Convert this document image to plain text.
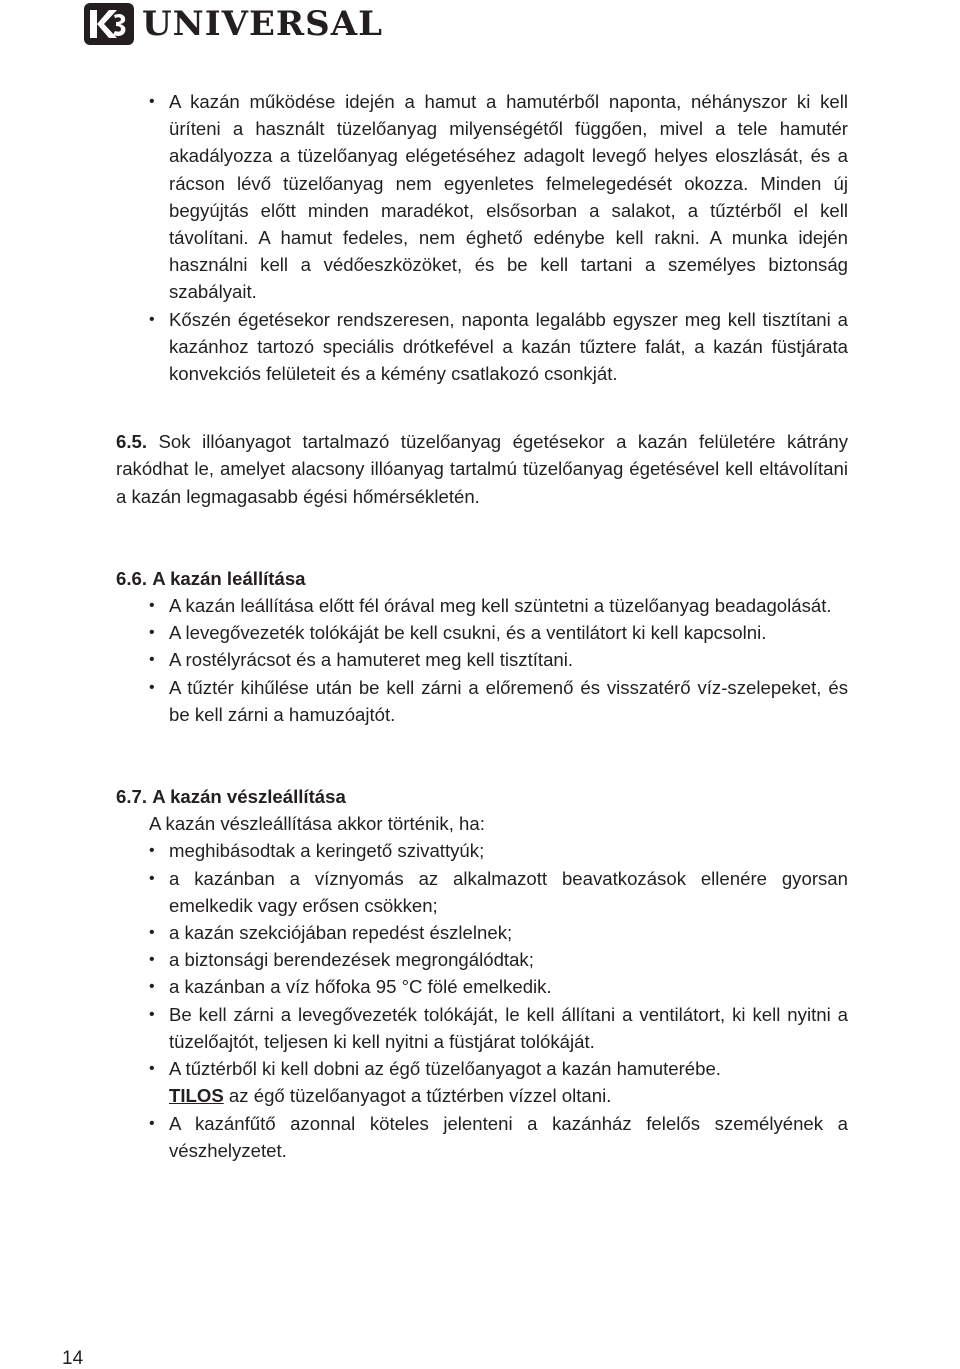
UNIVERSAL
• A kazán működése idején a hamut a hamutérből naponta, néhányszor ki kell üríteni a használt tüzelőanyag milyenségétől függően, mivel a tele hamutér akadályozza a tüzelőanyag elégetéséhez adagolt levegő helyes eloszlását, és a rácson lévő tüzelőanyag nem egyenletes felmelegedését okozza. Minden új begyújtás előtt minden maradékot, elsősorban a salakot, a tűztérből el kell távolítani. A hamut fedeles, nem éghető edénybe kell rakni. A munka idején használni kell a védőeszközöket, és be kell tartani a személyes biztonság szabályait.
• Kőszén égetésekor rendszeresen, naponta legalább egyszer meg kell tisztítani a kazánhoz tartozó speciális drótkefével a kazán tűztere falát, a kazán füstjárata konvekciós felületeit és a kémény csatlakozó csonkját.
6.5. Sok illóanyagot tartalmazó tüzelőanyag égetésekor a kazán felületére kátrány rakódhat le, amelyet alacsony illóanyag tartalmú tüzelőanyag égetésével kell eltávolítani a kazán legmagasabb égési hőmérsékletén.
6.6. A kazán leállítása
• A kazán leállítása előtt fél órával meg kell szüntetni a tüzelőanyag beadagolását.
• A levegővezeték tolókáját be kell csukni, és a ventilátort ki kell kapcsolni.
• A rostélyrácsot és a hamuteret meg kell tisztítani.
• A tűztér kihűlése után be kell zárni a előremenő és visszatérő víz-szelepeket, és be kell zárni a hamuzóajtót.
6.7. A kazán vészleállítása
A kazán vészleállítása akkor történik, ha:
• meghibásodtak a keringető szivattyúk;
• a kazánban a víznyomás az alkalmazott beavatkozások ellenére gyorsan emelkedik vagy erősen csökken;
• a kazán szekciójában repedést észlelnek;
• a biztonsági berendezések megrongálódtak;
• a kazánban a víz hőfoka 95 °C fölé emelkedik.
• Be kell zárni a levegővezeték tolókáját, le kell állítani a ventilátort, ki kell nyitni a tüzelőajtót, teljesen ki kell nyitni a füstjárat tolókáját.
• A tűztérből ki kell dobni az égő tüzelőanyagot a kazán hamuterébe.
TILOS az égő tüzelőanyagot a tűztérben vízzel oltani.
• A kazánfűtő azonnal köteles jelenteni a kazánház felelős személyének a vészhelyzetet.
14
